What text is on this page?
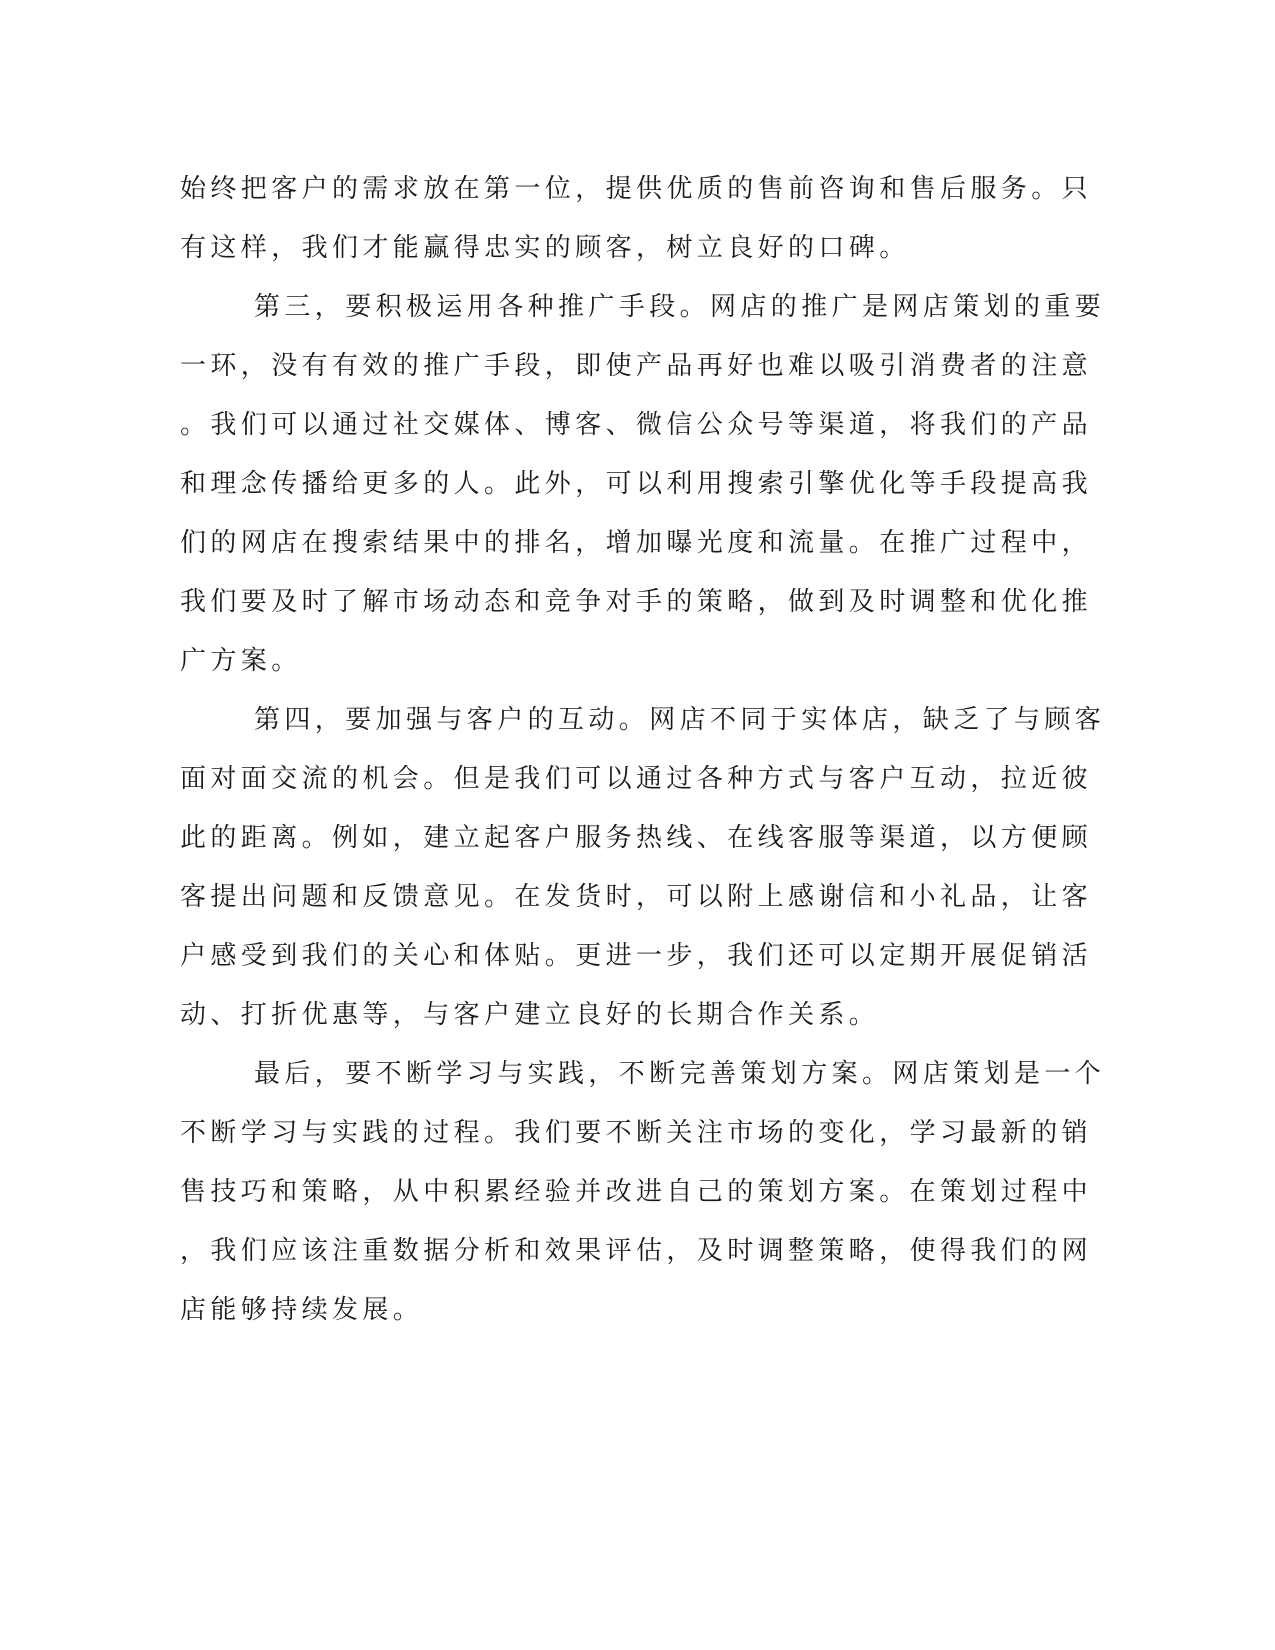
始终把客户的需求放在第一位，提供优质的售前咨询和售后服务。只
有这样，我们才能赢得忠实的顾客，树立良好的口碑。
第三，要积极运用各种推广手段。网店的推广是网店策划的重要
一环，没有有效的推广手段，即使产品再好也难以吸引消费者的注意
。我们可以通过社交媒体、博客、微信公众号等渠道，将我们的产品
和理念传播给更多的人。此外，可以利用搜索引擎优化等手段提高我
们的网店在搜索结果中的排名，增加曝光度和流量。在推广过程中，
我们要及时了解市场动态和竞争对手的策略，做到及时调整和优化推
广方案。
第四，要加强与客户的互动。网店不同于实体店，缺乏了与顾客
面对面交流的机会。但是我们可以通过各种方式与客户互动，拉近彼
此的距离。例如，建立起客户服务热线、在线客服等渠道，以方便顾
客提出问题和反馈意见。在发货时，可以附上感谢信和小礼品，让客
户感受到我们的关心和体贴。更进一步，我们还可以定期开展促销活
动、打折优惠等，与客户建立良好的长期合作关系。
最后，要不断学习与实践，不断完善策划方案。网店策划是一个
不断学习与实践的过程。我们要不断关注市场的变化，学习最新的销
售技巧和策略，从中积累经验并改进自己的策划方案。在策划过程中
，我们应该注重数据分析和效果评估，及时调整策略，使得我们的网
店能够持续发展。
